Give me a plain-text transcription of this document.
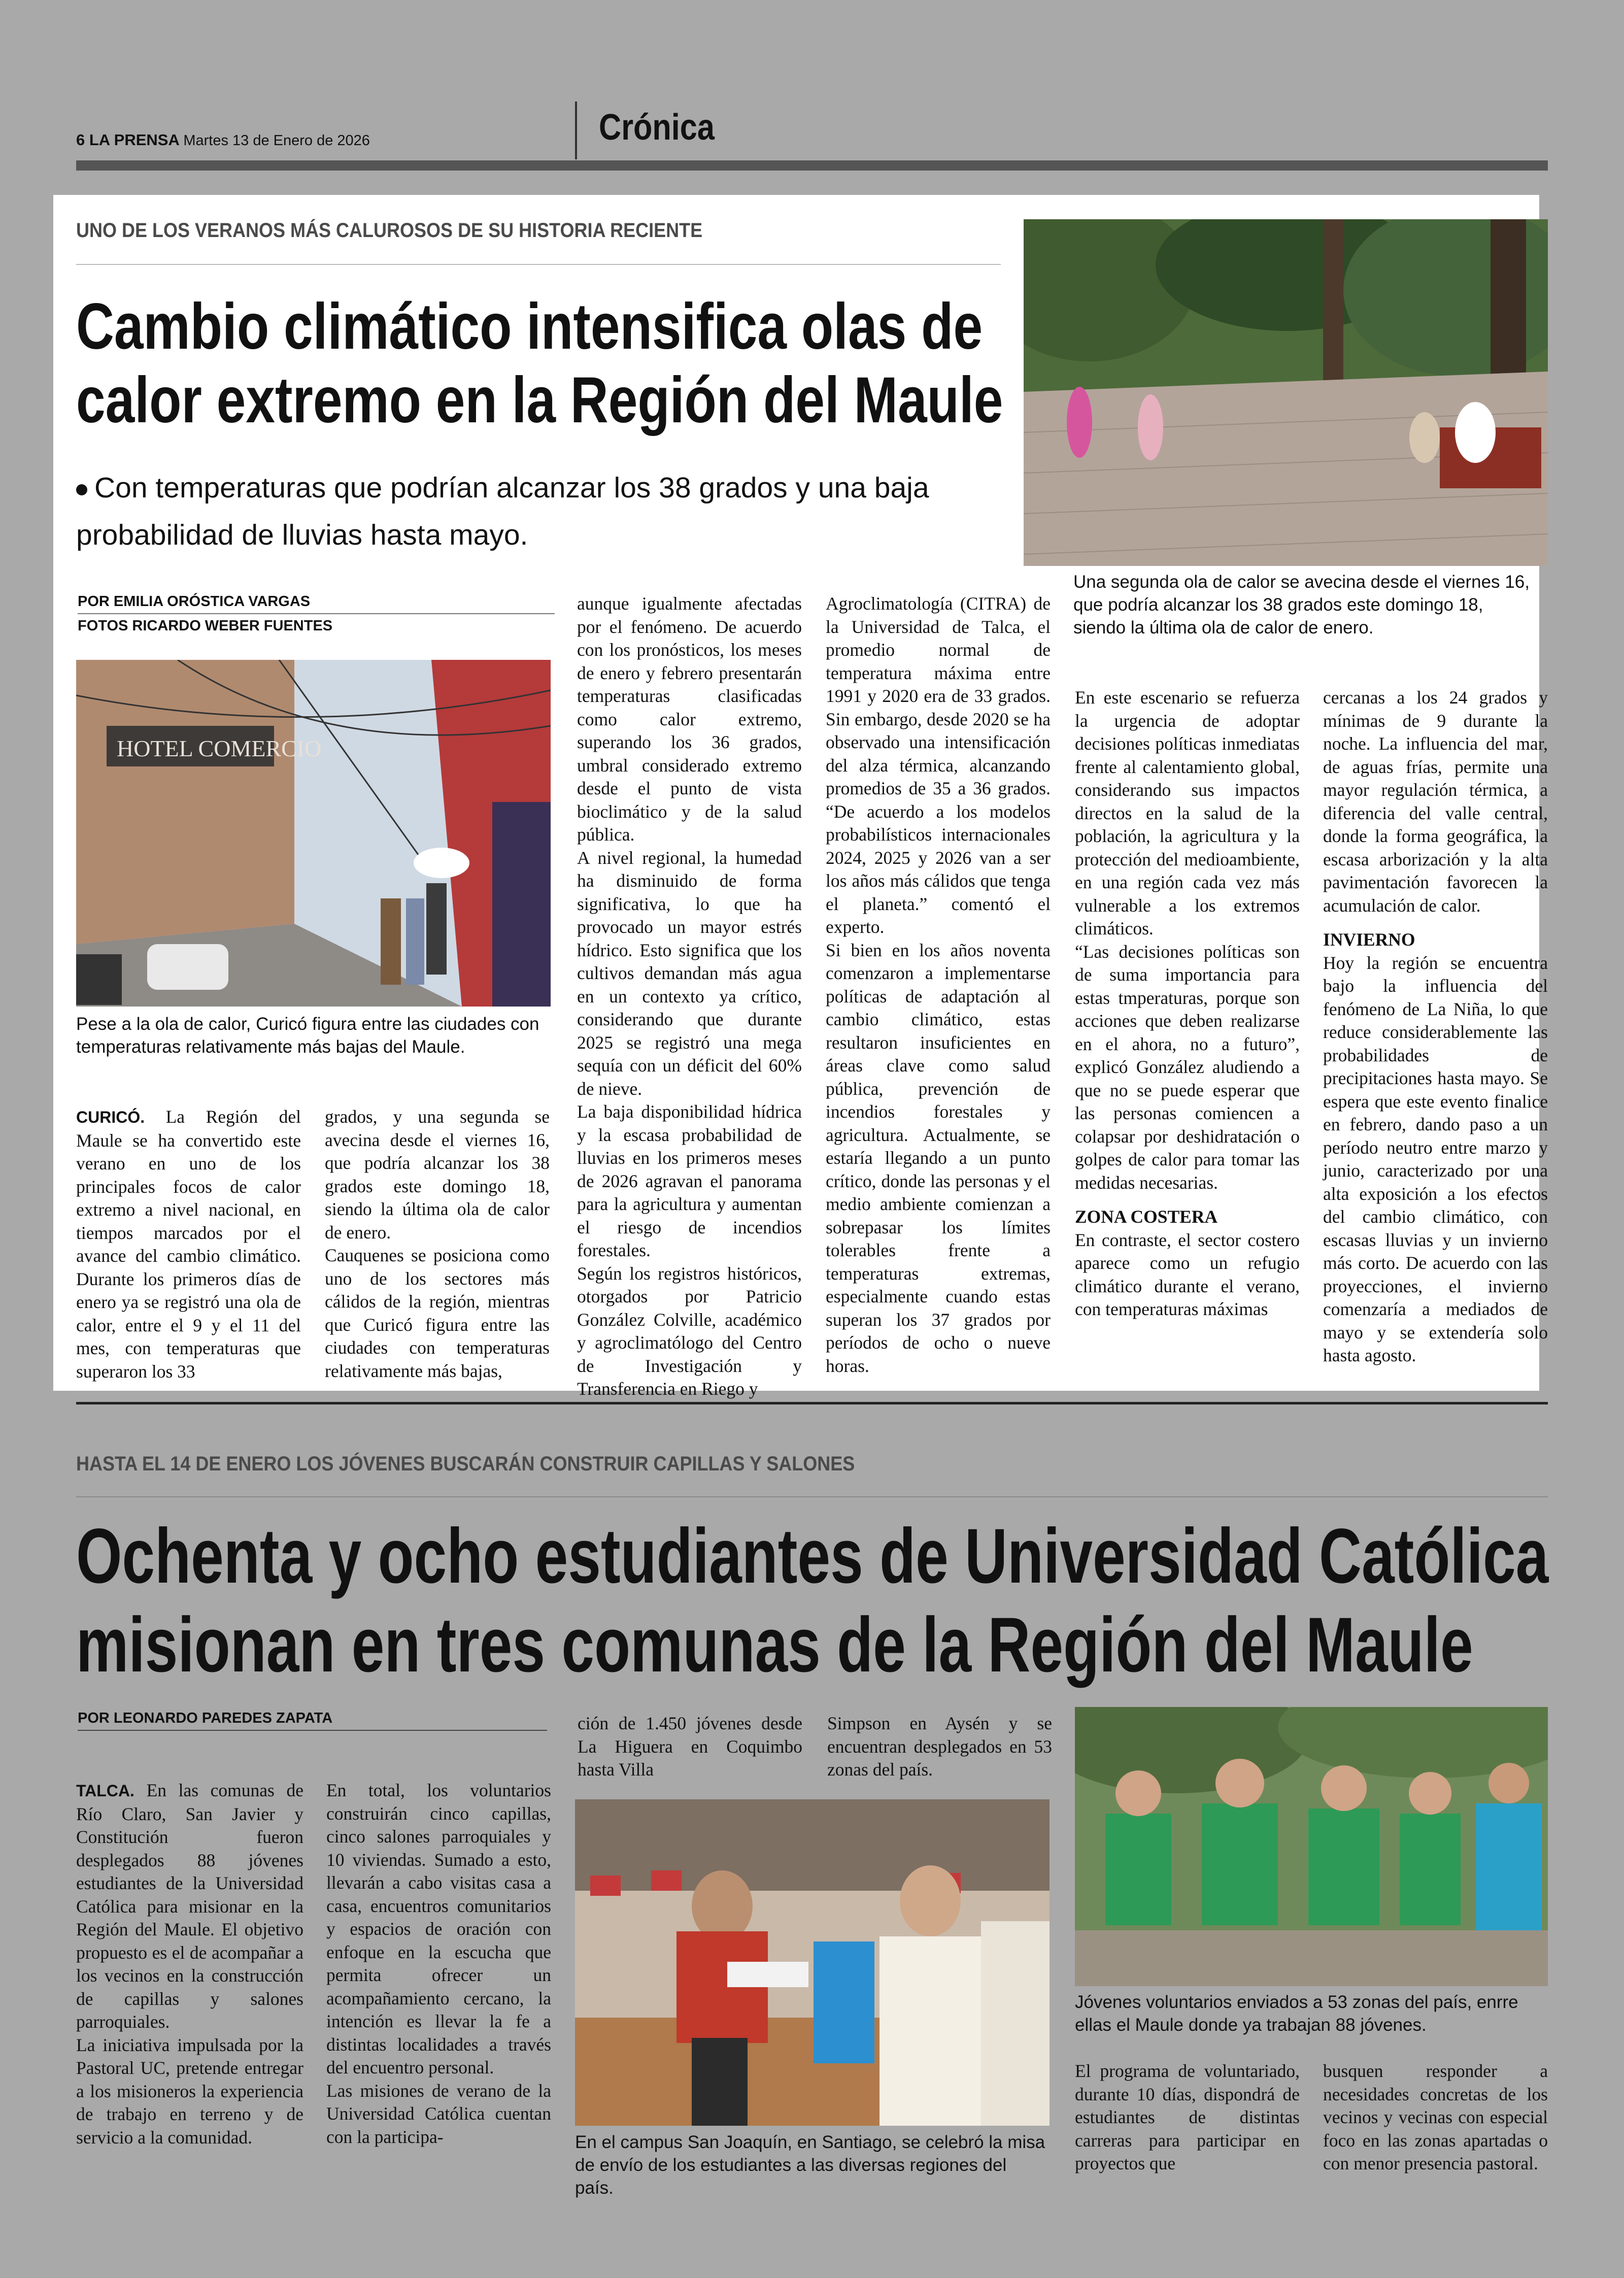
6 LA PRENSA Martes 13 de Enero de 2026	Crónica
UNO DE LOS VERANOS MÁS CALUROSOS DE SU HISTORIA RECIENTE
Cambio climático intensifica olas de
calor extremo en la Región del Maule
Con temperaturas que podrían alcanzar los 38 grados y una baja
probabilidad de lluvias hasta mayo.
Una segunda ola de calor se avecina desde el viernes 16, que podría alcanzar los 38 grados este domingo 18, siendo la última ola de calor de enero.
POR EMILIA ORÓSTICA VARGAS
FOTOS RICARDO WEBER FUENTES
HOTEL COMERCIO
Pese a la ola de calor, Curicó figura entre las ciudades con temperaturas relativamente más bajas del Maule.

CURICÓ. La Región del Maule se ha convertido este verano en uno de los principales focos de calor extremo a nivel nacional, en tiempos marcados por el avance del cambio climático. Durante los primeros días de enero ya se registró una ola de calor, entre el 9 y el 11 del mes, con temperaturas que superaron los 33

grados, y una segunda se avecina desde el viernes 16, que podría alcanzar los 38 grados este domingo 18, siendo la última ola de calor de enero.

Cauquenes se posiciona como uno de los sectores más cálidos de la región, mientras que Curicó figura entre las ciudades con temperaturas relativamente más bajas,

aunque igualmente afectadas por el fenómeno. De acuerdo con los pronósticos, los meses de enero y febrero presentarán temperaturas clasificadas como calor extremo, superando los 36 grados, umbral considerado extremo desde el punto de vista bioclimático y de la salud pública.

A nivel regional, la humedad ha disminuido de forma significativa, lo que ha provocado un mayor estrés hídrico. Esto significa que los cultivos demandan más agua en un contexto ya crítico, considerando que durante 2025 se registró una mega sequía con un déficit del 60% de nieve.

La baja disponibilidad hídrica y la escasa probabilidad de lluvias en los primeros meses de 2026 agravan el panorama para la agricultura y aumentan el riesgo de incendios forestales.

Según los registros históricos, otorgados por Patricio González Colville, académico y agroclimatólogo del Centro de Investigación y Transferencia en Riego y

Agroclimatología (CITRA) de la Universidad de Talca, el promedio normal de temperatura máxima entre 1991 y 2020 era de 33 grados. Sin embargo, desde 2020 se ha observado una intensificación del alza térmica, alcanzando promedios de 35 a 36 grados. “De acuerdo a los modelos probabilísticos internacionales 2024, 2025 y 2026 van a ser los años más cálidos que tenga el planeta.” comentó el experto.

Si bien en los años noventa comenzaron a implementarse políticas de adaptación al cambio climático, estas resultaron insuficientes en áreas clave como salud pública, prevención de incendios forestales y agricultura. Actualmente, se estaría llegando a un punto crítico, donde las personas y el medio ambiente comienzan a sobrepasar los límites tolerables frente a temperaturas extremas, especialmente cuando estas superan los 37 grados por períodos de ocho o nueve horas.

En este escenario se refuerza la urgencia de adoptar decisiones políticas inmediatas frente al calentamiento global, considerando sus impactos directos en la salud de la población, la agricultura y la protección del medioambiente, en una región cada vez más vulnerable a los extremos climáticos.

“Las decisiones políticas son de suma importancia para estas tmperaturas, porque son acciones que deben realizarse en el ahora, no a futuro”, explicó González aludiendo a que no se puede esperar que las personas comiencen a colapsar por deshidratación o golpes de calor para tomar las medidas necesarias.

ZONA COSTERA

En contraste, el sector costero aparece como un refugio climático durante el verano, con temperaturas máximas

cercanas a los 24 grados y mínimas de 9 durante la noche. La influencia del mar, de aguas frías, permite una mayor regulación térmica, a diferencia del valle central, donde la forma geográfica, la escasa arborización y la alta pavimentación favorecen la acumulación de calor.

INVIERNO

Hoy la región se encuentra bajo la influencia del fenómeno de La Niña, lo que reduce considerablemente las probabilidades de precipitaciones hasta mayo. Se espera que este evento finalice en febrero, dando paso a un período neutro entre marzo y junio, caracterizado por una alta exposición a los efectos del cambio climático, con escasas lluvias y un invierno más corto. De acuerdo con las proyecciones, el invierno comenzaría a mediados de mayo y se extendería solo hasta agosto.

HASTA EL 14 DE ENERO LOS JÓVENES BUSCARÁN CONSTRUIR CAPILLAS Y SALONES
Ochenta y ocho estudiantes de Universidad Católica
misionan en tres comunas de la Región del Maule
POR LEONARDO PAREDES ZAPATA

TALCA. En las comunas de Río Claro, San Javier y Constitución fueron desplegados 88 jóvenes estudiantes de la Universidad Católica para misionar en la Región del Maule. El objetivo propuesto es el de acompañar a los vecinos en la construcción de capillas y salones parroquiales.

La iniciativa impulsada por la Pastoral UC, pretende entregar a los misioneros la experiencia de trabajo en terreno y de servicio a la comunidad.

En total, los voluntarios construirán cinco capillas, cinco salones parroquiales y 10 viviendas. Sumado a esto, llevarán a cabo visitas casa a casa, encuentros comunitarios y espacios de oración con enfoque en la escucha que permita ofrecer un acompañamiento cercano, la intención es llevar la fe a distintas localidades a través del encuentro personal.

Las misiones de verano de la Universidad Católica cuentan con la participa-

ción de 1.450 jóvenes desde La Higuera en Coquimbo hasta Villa

Simpson en Aysén y se encuentran desplegados en 53 zonas del país.

En el campus San Joaquín, en Santiago, se celebró la misa de envío de los estudiantes a las diversas regiones del país.
Jóvenes voluntarios enviados a 53 zonas del país, enrre ellas el Maule donde ya trabajan 88 jóvenes.

El programa de voluntariado, durante 10 días, dispondrá de estudiantes de distintas carreras para participar en proyectos que

busquen responder a necesidades concretas de los vecinos y vecinas con especial foco en las zonas apartadas o con menor presencia pastoral.
